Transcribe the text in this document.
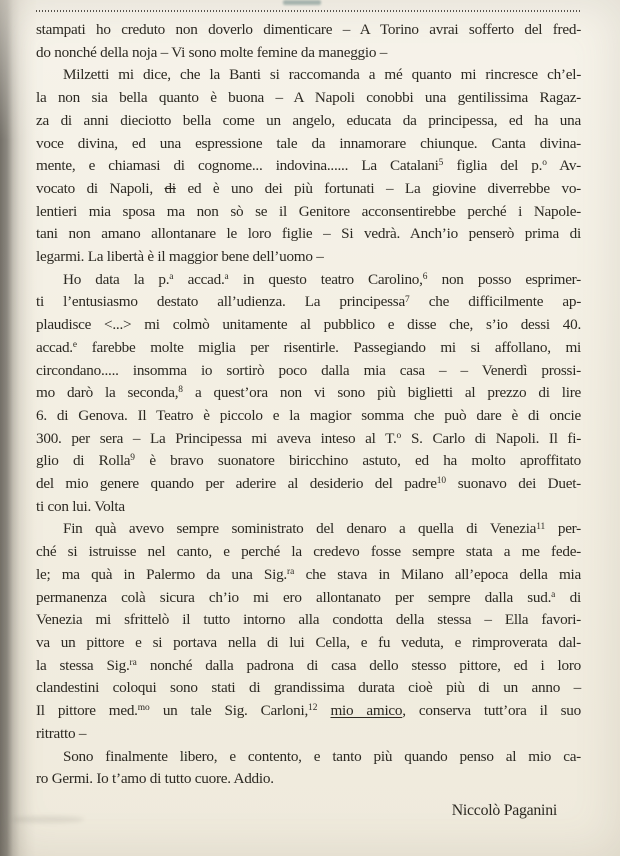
stampati ho creduto non doverlo dimenticare – A Torino avrai sofferto del fred-
do nonché della noja – Vi sono molte femine da maneggio –
Milzetti mi dice, che la Banti si raccomanda a mé quanto mi rincresce ch’el-
la non sia bella quanto è buona – A Napoli conobbi una gentilissima Ragaz-
za di anni dieciotto bella come un angelo, educata da principessa, ed ha una
voce divina, ed una espressione tale da innamorare chiunque. Canta divina-
mente, e chiamasi di cognome... indovina...... La Catalani$^5$ figlia del p.$^o$ Av-
vocato di Napoli, di ed è uno dei più fortunati – La giovine diverrebbe vo-
lentieri mia sposa ma non sò se il Genitore acconsentirebbe perché i Napole-
tani non amano allontanare le loro figlie – Si vedrà. Anch’io penserò prima di
legarmi. La libertà è il maggior bene dell’uomo –
Ho data la p.$^a$ accad.$^a$ in questo teatro Carolino,$^6$ non posso esprimer-
ti l’entusiasmo destato all’udienza. La principessa$^7$ che difficilmente ap-
plaudisce <...> mi colmò unitamente al pubblico e disse che, s’io dessi 40.
accad.$^e$ farebbe molte miglia per risentirle. Passegiando mi si affollano, mi
circondano..... insomma io sortirò poco dalla mia casa – – Venerdì prossi-
mo darò la seconda,$^8$ a quest’ora non vi sono più biglietti al prezzo di lire
6. di Genova. Il Teatro è piccolo e la magior somma che può dare è di oncie
300. per sera – La Principessa mi aveva inteso al T.$^o$ S. Carlo di Napoli. Il fi-
glio di Rolla$^9$ è bravo suonatore biricchino astuto, ed ha molto aproffitato
del mio genere quando per aderire al desiderio del padre$^{10}$ suonavo dei Duet-
ti con lui. Volta
Fin quà avevo sempre soministrato del denaro a quella di Venezia$^{11}$ per-
ché si istruisse nel canto, e perché la credevo fosse sempre stata a me fede-
le; ma quà in Palermo da una Sig.$^{ra}$ che stava in Milano all’epoca della mia
permanenza colà sicura ch’io mi ero allontanato per sempre dalla sud.$^a$ di
Venezia mi sfrittelò il tutto intorno alla condotta della stessa – Ella favori-
va un pittore e si portava nella di lui Cella, e fu veduta, e rimproverata dal-
la stessa Sig.$^{ra}$ nonché dalla padrona di casa dello stesso pittore, ed i loro
clandestini coloqui sono stati di grandissima durata cioè più di un anno –
Il pittore med.$^{mo}$ un tale Sig. Carloni,$^{12}$ mio amico, conserva tutt’ora il suo
ritratto –
Sono finalmente libero, e contento, e tanto più quando penso al mio ca-
ro Germi. Io t’amo di tutto cuore. Addio.
Niccolò Paganini
